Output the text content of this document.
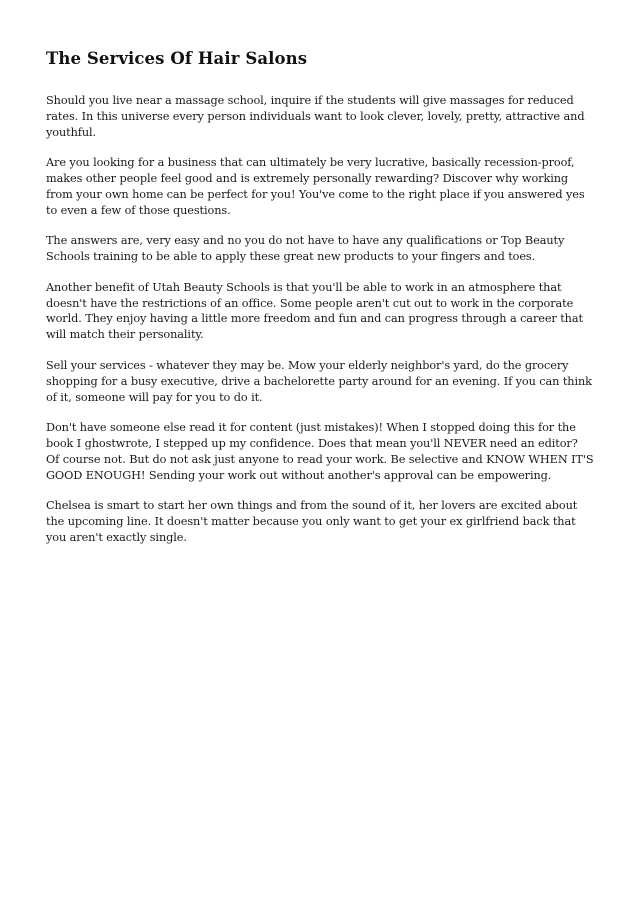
The Services Of Hair Salons

Should you live near a massage school, inquire if the students will give massages for reduced rates. In this universe every person individuals want to look clever, lovely, pretty, attractive and youthful.

Are you looking for a business that can ultimately be very lucrative, basically recession-proof, makes other people feel good and is extremely personally rewarding? Discover why working from your own home can be perfect for you! You've come to the right place if you answered yes to even a few of those questions.

The answers are, very easy and no you do not have to have any qualifications or Top Beauty Schools training to be able to apply these great new products to your fingers and toes.

Another benefit of Utah Beauty Schools is that you'll be able to work in an atmosphere that doesn't have the restrictions of an office. Some people aren't cut out to work in the corporate world. They enjoy having a little more freedom and fun and can progress through a career that will match their personality.

Sell your services - whatever they may be. Mow your elderly neighbor's yard, do the grocery shopping for a busy executive, drive a bachelorette party around for an evening. If you can think of it, someone will pay for you to do it.

Don't have someone else read it for content (just mistakes)! When I stopped doing this for the book I ghostwrote, I stepped up my confidence. Does that mean you'll NEVER need an editor? Of course not. But do not ask just anyone to read your work. Be selective and KNOW WHEN IT'S GOOD ENOUGH! Sending your work out without another's approval can be empowering.

Chelsea is smart to start her own things and from the sound of it, her lovers are excited about the upcoming line. It doesn't matter because you only want to get your ex girlfriend back that you aren't exactly single.
